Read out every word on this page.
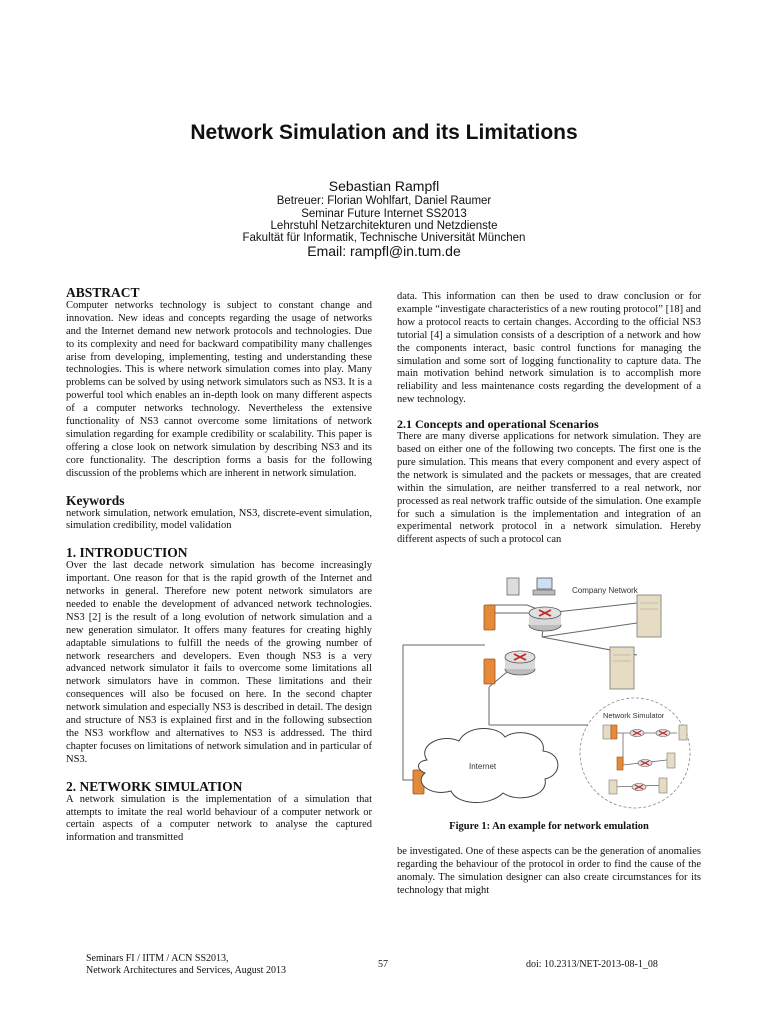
Network Simulation and its Limitations
Sebastian Rampfl
Betreuer: Florian Wohlfart, Daniel Raumer
Seminar Future Internet SS2013
Lehrstuhl Netzarchitekturen und Netzdienste
Fakultät für Informatik, Technische Universität München
Email: rampfl@in.tum.de
ABSTRACT

Computer networks technology is subject to constant change and innovation. New ideas and concepts regarding the usage of networks and the Internet demand new network protocols and technologies. Due to its complexity and need for backward compatibility many challenges arise from developing, implementing, testing and understanding these technologies. This is where network simulation comes into play. Many problems can be solved by using network simulators such as NS3. It is a powerful tool which enables an in-depth look on many different aspects of a computer networks technology. Nevertheless the extensive functionality of NS3 cannot overcome some limitations of network simulation regarding for example credibility or scalability. This paper is offering a close look on network simulation by describing NS3 and its core functionality. The description forms a basis for the following discussion of the problems which are inherent in network simulation.

Keywords

network simulation, network emulation, NS3, discrete-event simulation, simulation credibility, model validation

1. INTRODUCTION

Over the last decade network simulation has become increasingly important. One reason for that is the rapid growth of the Internet and networks in general. Therefore new potent network simulators are needed to enable the development of advanced network technologies. NS3 [2] is the result of a long evolution of network simulation and a new generation simulator. It offers many features for creating highly adaptable simulations to fulfill the needs of the growing number of network researchers and developers. Even though NS3 is a very advanced network simulator it fails to overcome some limitations all network simulators have in common. These limitations and their consequences will also be focused on here. In the second chapter network simulation and especially NS3 is described in detail. The design and structure of NS3 is explained first and in the following subsection the NS3 workflow and alternatives to NS3 is addressed. The third chapter focuses on limitations of network simulation and in particular of NS3.

2. NETWORK SIMULATION

A network simulation is the implementation of a simulation that attempts to imitate the real world behaviour of a computer network or certain aspects of a computer network to analyse the captured information and transmitted

data. This information can then be used to draw conclusion or for example “investigate characteristics of a new routing protocol” [18] and how a protocol reacts to certain changes. According to the official NS3 tutorial [4] a simulation consists of a description of a network and how the components interact, basic control functions for managing the simulation and some sort of logging functionality to capture data. The main motivation behind network simulation is to accomplish more reliability and less maintenance costs regarding the development of a new technology.

2.1 Concepts and operational Scenarios

There are many diverse applications for network simulation. They are based on either one of the following two concepts. The first one is the pure simulation. This means that every component and every aspect of the network is simulated and the packets or messages, that are created within the simulation, are neither transferred to a real network, nor processed as real network traffic outside of the simulation. One example for such a simulation is the implementation and integration of an experimental network protocol in a network simulation. Hereby different aspects of such a protocol can

Company Network
Internet
Network Simulator
Figure 1: An example for network emulation

be investigated. One of these aspects can be the generation of anomalies regarding the behaviour of the protocol in order to find the cause of the anomaly. The simulation designer can also create circumstances for its technology that might

Seminars FI / IITM / ACN SS2013,
Network Architectures and Services, August 2013
57	doi: 10.2313/NET-2013-08-1_08
